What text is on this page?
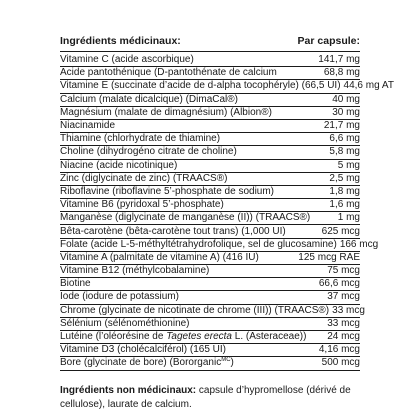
Ingrédients médicinaux:	Par capsule:
Vitamine C (acide ascorbique)	141,7 mg
Acide pantothénique (D-pantothénate de calcium	68,8 mg
Vitamine E (succinate d’acide de d-alpha tocophéryle) (66,5 UI) 44,6 mg AT
Calcium (malate dicalcique) (DimaCal®)	40 mg
Magnésium (malate de dimagnésium) (Albion®)	30 mg
Niacinamide	21,7 mg
Thiamine (chlorhydrate de thiamine)	6,6 mg
Choline (dihydrogéno citrate de choline)	5,8 mg
Niacine (acide nicotinique)	5 mg
Zinc (diglycinate de zinc) (TRAACS®)	2,5 mg
Riboflavine (riboflavine 5’-phosphate de sodium)	1,8 mg
Vitamine B6 (pyridoxal 5’-phosphate)	1,6 mg
Manganèse (diglycinate de manganèse (II)) (TRAACS®)	1 mg
Bêta-carotène (bêta-carotène tout trans) (1,000 UI)	625 mcg
Folate (acide L-5-méthyltétrahydrofolique, sel de glucosamine) 166 mcg
Vitamine A (palmitate de vitamine A) (416 IU)	125 mcg RAE
Vitamine B12 (méthylcobalamine)	75 mcg
Biotine	66,6 mcg
Iode (iodure de potassium)	37 mcg
Chrome (glycinate de nicotinate de chrome (III)) (TRAACS®) 33 mcg
Sélénium (sélénométhionine)	33 mcg
Lutéine (l’oléorésine de Tagetes erecta L. (Asteraceae))	24 mcg
Vitamine D3 (cholécalciférol) (165 UI)	4,16 mcg
Bore (glycinate de bore) (Bororganic$^{MC}$)	500 mcg
Ingrédients non médicinaux: capsule d’hypromellose (dérivé de cellulose), laurate de calcium.
